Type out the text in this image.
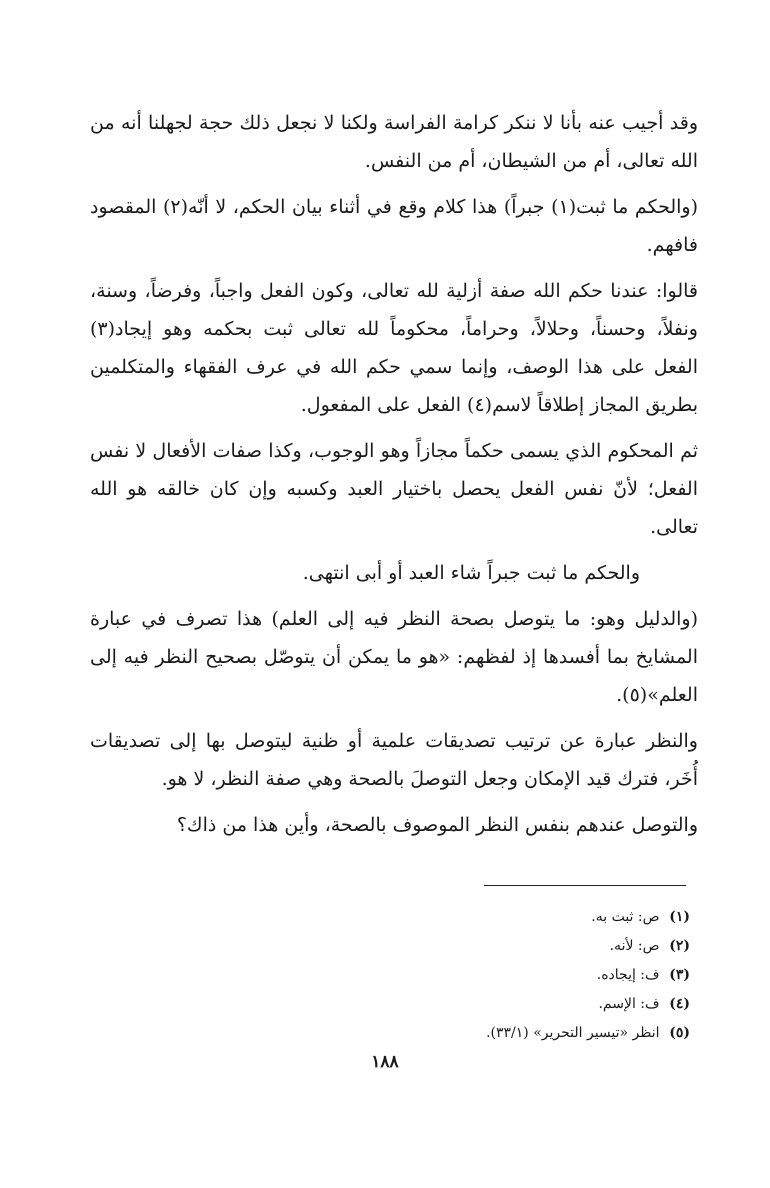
وقد أجيب عنه بأنا لا ننكر كرامة الفراسة ولكنا لا نجعل ذلك حجة لجهلنا أنه من الله تعالى، أم من الشيطان، أم من النفس.

(والحكم ما ثبت(١) جبراً) هذا كلام وقع في أثناء بيان الحكم، لا أنّه(٢) المقصود فافهم.

قالوا: عندنا حكم الله صفة أزلية لله تعالى، وكون الفعل واجباً، وفرضاً، وسنة، ونفلاً، وحسناً، وحلالاً، وحراماً، محكوماً لله تعالى ثبت بحكمه وهو إيجاد(٣) الفعل على هذا الوصف، وإنما سمي حكم الله في عرف الفقهاء والمتكلمين بطريق المجاز إطلاقاً لاسم(٤) الفعل على المفعول.

ثم المحكوم الذي يسمى حكماً مجازاً وهو الوجوب، وكذا صفات الأفعال لا نفس الفعل؛ لأنّ نفس الفعل يحصل باختيار العبد وكسبه وإن كان خالقه هو الله تعالى.

والحكم ما ثبت جبراً شاء العبد أو أبى انتهى.

(والدليل وهو: ما يتوصل بصحة النظر فيه إلى العلم) هذا تصرف في عبارة المشايخ بما أفسدها إذ لفظهم: «هو ما يمكن أن يتوصّل بصحيح النظر فيه إلى العلم»(٥).

والنظر عبارة عن ترتيب تصديقات علمية أو ظنية ليتوصل بها إلى تصديقات أُخَر، فترك قيد الإمكان وجعل التوصلَ بالصحة وهي صفة النظر، لا هو.

والتوصل عندهم بنفس النظر الموصوف بالصحة، وأين هذا من ذاك؟

(١) ص: ثبت به.

(٢) ص: لأنه.

(٣) ف: إيجاده.

(٤) ف: الإسم.

(٥) انظر «تيسير التحرير» (٣٣/١).

١٨٨
